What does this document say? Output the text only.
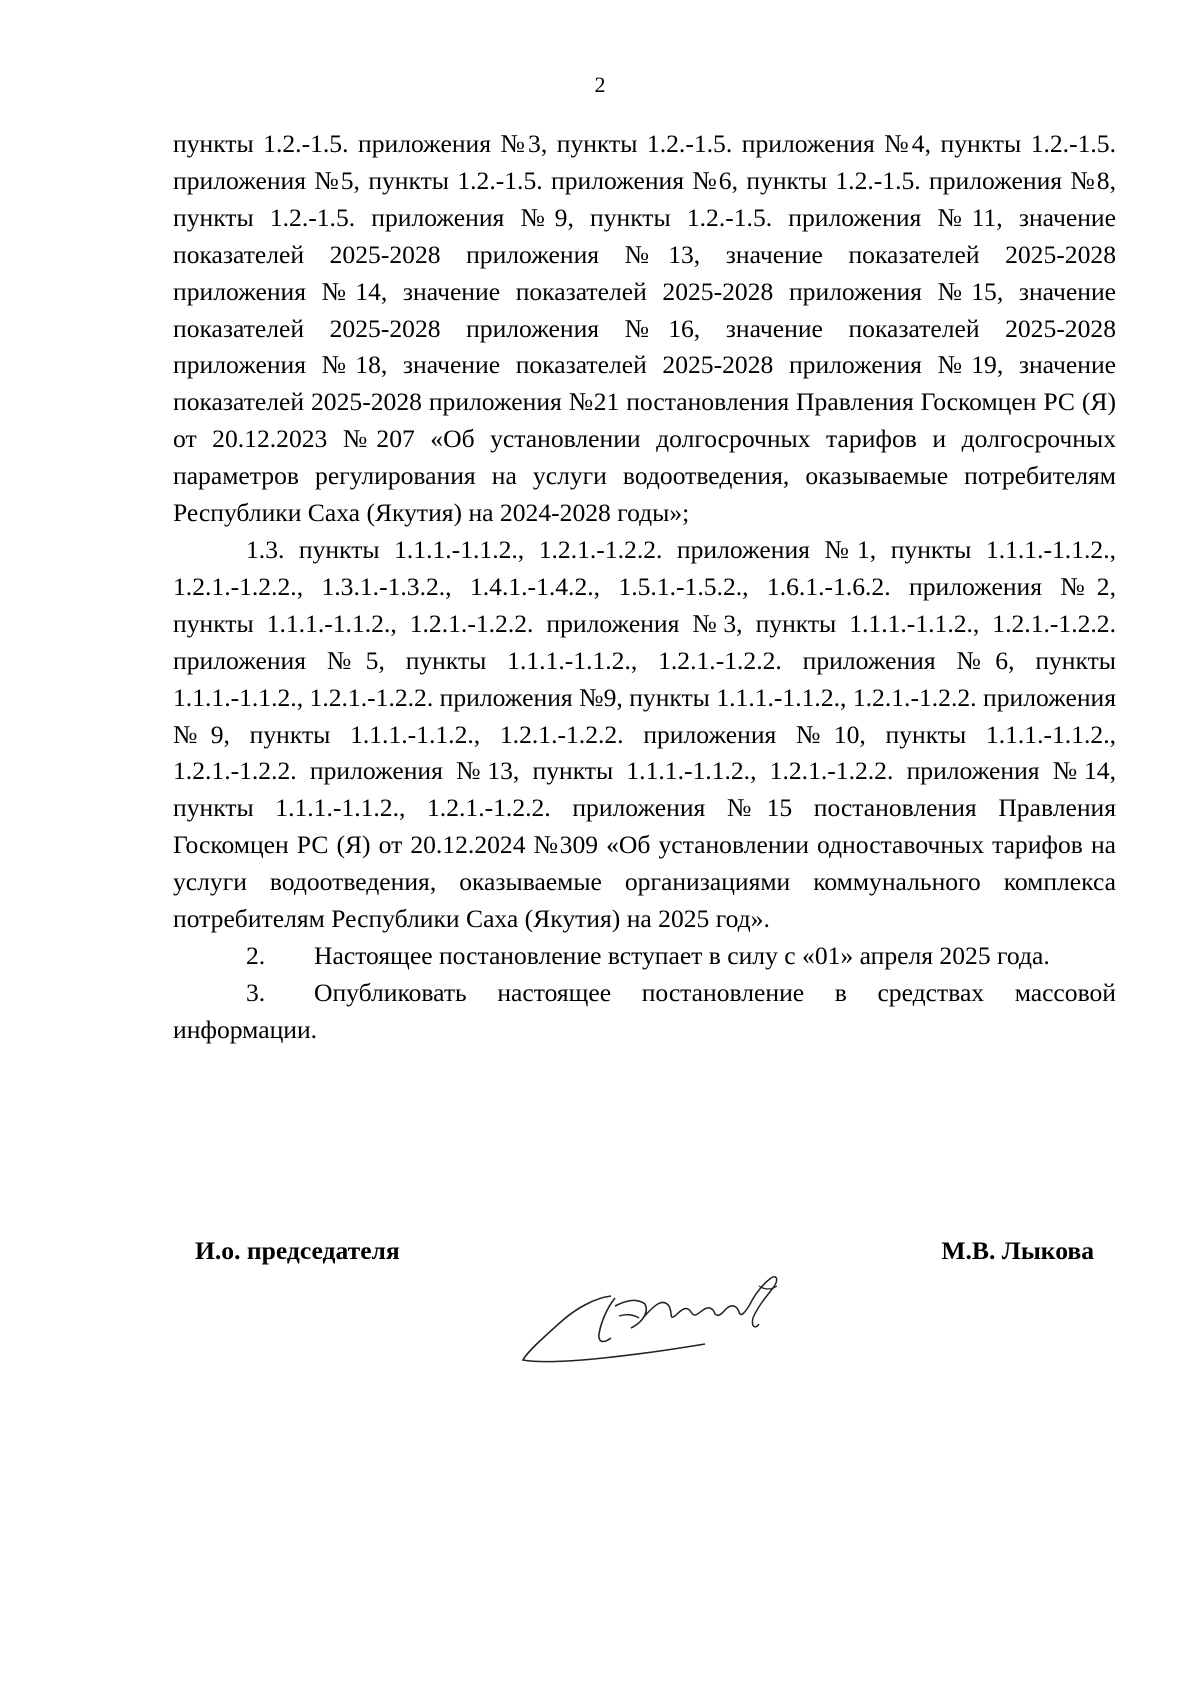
2

пункты 1.2.-1.5. приложения №3, пункты 1.2.-1.5. приложения №4, пункты 1.2.-1.5. приложения №5, пункты 1.2.-1.5. приложения №6, пункты 1.2.-1.5. приложения №8, пункты 1.2.-1.5. приложения №9, пункты 1.2.-1.5. приложения №11, значение показателей 2025-2028 приложения №13, значение показателей 2025-2028 приложения №14, значение показателей 2025-2028 приложения №15, значение показателей 2025-2028 приложения №16, значение показателей 2025-2028 приложения №18, значение показателей 2025-2028 приложения №19, значение показателей 2025-2028 приложения №21 постановления Правления Госкомцен РС (Я) от 20.12.2023 №207 «Об установлении долгосрочных тарифов и долгосрочных параметров регулирования на услуги водоотведения, оказываемые потребителям Республики Саха (Якутия) на 2024-2028 годы»;

1.3. пункты 1.1.1.-1.1.2., 1.2.1.-1.2.2. приложения №1, пункты 1.1.1.-1.1.2., 1.2.1.-1.2.2., 1.3.1.-1.3.2., 1.4.1.-1.4.2., 1.5.1.-1.5.2., 1.6.1.-1.6.2. приложения №2, пункты 1.1.1.-1.1.2., 1.2.1.-1.2.2. приложения №3, пункты 1.1.1.-1.1.2., 1.2.1.-1.2.2. приложения №5, пункты 1.1.1.-1.1.2., 1.2.1.-1.2.2. приложения №6, пункты 1.1.1.-1.1.2., 1.2.1.-1.2.2. приложения №9, пункты 1.1.1.-1.1.2., 1.2.1.-1.2.2. приложения №9, пункты 1.1.1.-1.1.2., 1.2.1.-1.2.2. приложения №10, пункты 1.1.1.-1.1.2., 1.2.1.-1.2.2. приложения №13, пункты 1.1.1.-1.1.2., 1.2.1.-1.2.2. приложения №14, пункты 1.1.1.-1.1.2., 1.2.1.-1.2.2. приложения №15 постановления Правления Госкомцен РС (Я) от 20.12.2024 №309 «Об установлении одноставочных тарифов на услуги водоотведения, оказываемые организациями коммунального комплекса потребителям Республики Саха (Якутия) на 2025 год».

2. Настоящее постановление вступает в силу с «01» апреля 2025 года.

3. Опубликовать настоящее постановление в средствах массовой информации.

И.о. председателя	М.В. Лыкова
